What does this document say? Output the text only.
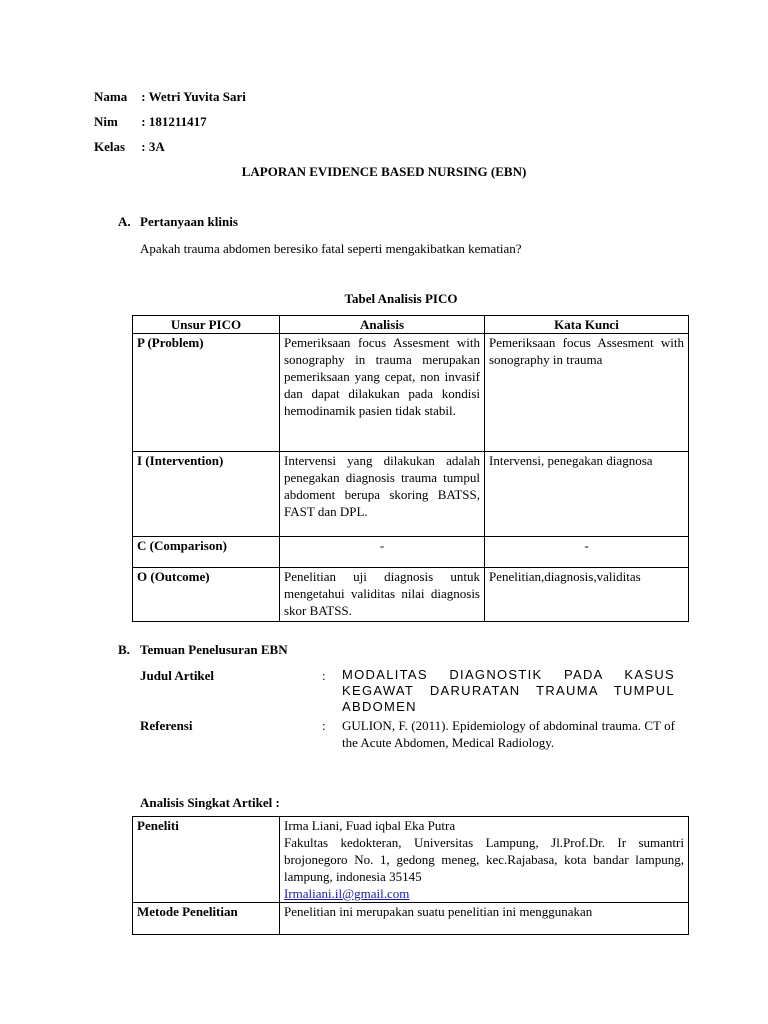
Nama : Wetri Yuvita Sari
Nim : 181211417
Kelas : 3A
LAPORAN EVIDENCE BASED NURSING (EBN)
A. Pertanyaan klinis
Apakah trauma abdomen beresiko fatal seperti mengakibatkan kematian?
Tabel Analisis PICO
Unsur PICO	Analisis	Kata Kunci
P (Problem)	Pemeriksaan focus Assesment with sonography in trauma merupakan pemeriksaan yang cepat, non invasif dan dapat dilakukan pada kondisi hemodinamik pasien tidak stabil.	Pemeriksaan focus Assesment with sonography in trauma
I (Intervention)	Intervensi yang dilakukan adalah penegakan diagnosis trauma tumpul abdoment berupa skoring BATSS, FAST dan DPL.	Intervensi, penegakan diagnosa
C (Comparison)	-	-
O (Outcome)	Penelitian uji diagnosis untuk mengetahui validitas nilai diagnosis skor BATSS.	Penelitian,diagnosis,validitas
B. Temuan Penelusuran EBN
Judul Artikel	: MODALITAS DIAGNOSTIK PADA KASUS KEGAWAT DARURATAN TRAUMA TUMPUL ABDOMEN
Referensi	: GULION, F. (2011). Epidemiology of abdominal trauma. CT of the Acute Abdomen, Medical Radiology.
Analisis Singkat Artikel :
Peneliti	Irma Liani, Fuad iqbal Eka Putra
Fakultas kedokteran, Universitas Lampung, Jl.Prof.Dr. Ir sumantri brojonegoro No. 1, gedong meneg, kec.Rajabasa, kota bandar lampung, lampung, indonesia 35145
Irmaliani.il@gmail.com

Metode Penelitian	Penelitian ini merupakan suatu penelitian ini menggunakan
